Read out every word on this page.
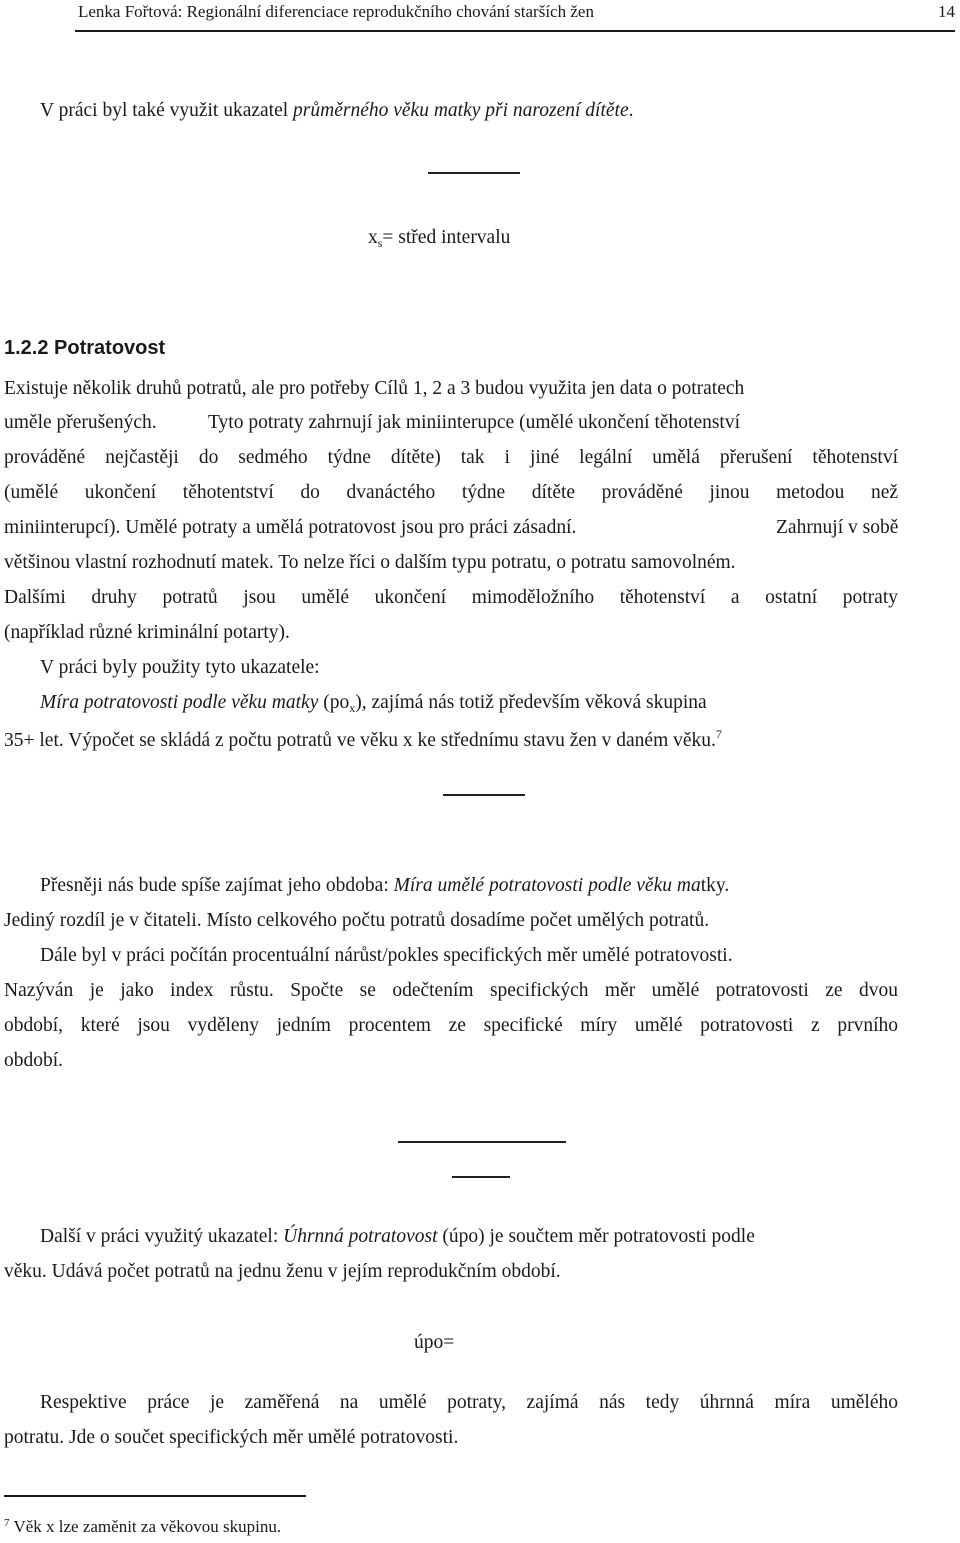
Lenka Fořtová: Regionální diferenciace reprodukčního chování starších žen	14
V práci byl také využit ukazatel průměrného věku matky při narození dítěte.
$x_s=$ střed intervalu
1.2.2 Potratovost
Existuje několik druhů potratů, ale pro potřeby Cílů 1, 2 a 3 budou využita jen data o potratech
uměle přerušených.	Tyto potraty zahrnují jak miniinterupce (umělé ukončení těhotenství
prováděné nejčastěji do sedmého týdne dítěte) tak i jiné legální umělá přerušení těhotenství
(umělé ukončení těhotentství do dvanáctého týdne dítěte prováděné jinou metodou než
miniinterupcí). Umělé potraty a umělá potratovost jsou pro práci zásadní.	Zahrnují v sobě
většinou vlastní rozhodnutí matek. To nelze říci o dalším typu potratu, o potratu samovolném.
Dalšími druhy potratů jsou umělé ukončení mimoděložního těhotenství a ostatní potraty
(například různé kriminální potarty).
V práci byly použity tyto ukazatele:
Míra potratovosti podle věku matky $(po_x)$, zajímá nás totiž především věková skupina
35+ let. Výpočet se skládá z počtu potratů ve věku x ke střednímu stavu žen v daném věku.$^7$
Přesněji nás bude spíše zajímat jeho obdoba: Míra umělé potratovosti podle věku matky.
Jediný rozdíl je v čitateli. Místo celkového počtu potratů dosadíme počet umělých potratů.
Dále byl v práci počítán procentuální nárůst/pokles specifických měr umělé potratovosti.
Nazýván je jako index růstu. Spočte se odečtením specifických měr umělé potratovosti ze dvou
období, které jsou vyděleny jedním procentem ze specifické míry umělé potratovosti z prvního
období.
Další v práci využitý ukazatel: Úhrnná potratovost (úpo) je součtem měr potratovosti podle
věku. Udává počet potratů na jednu ženu v jejím reprodukčním období.
úpo=
Respektive práce je zaměřená na umělé potraty, zajímá nás tedy úhrnná míra umělého
potratu. Jde o součet specifických měr umělé potratovosti.
$^7$ Věk x lze zaměnit za věkovou skupinu.
